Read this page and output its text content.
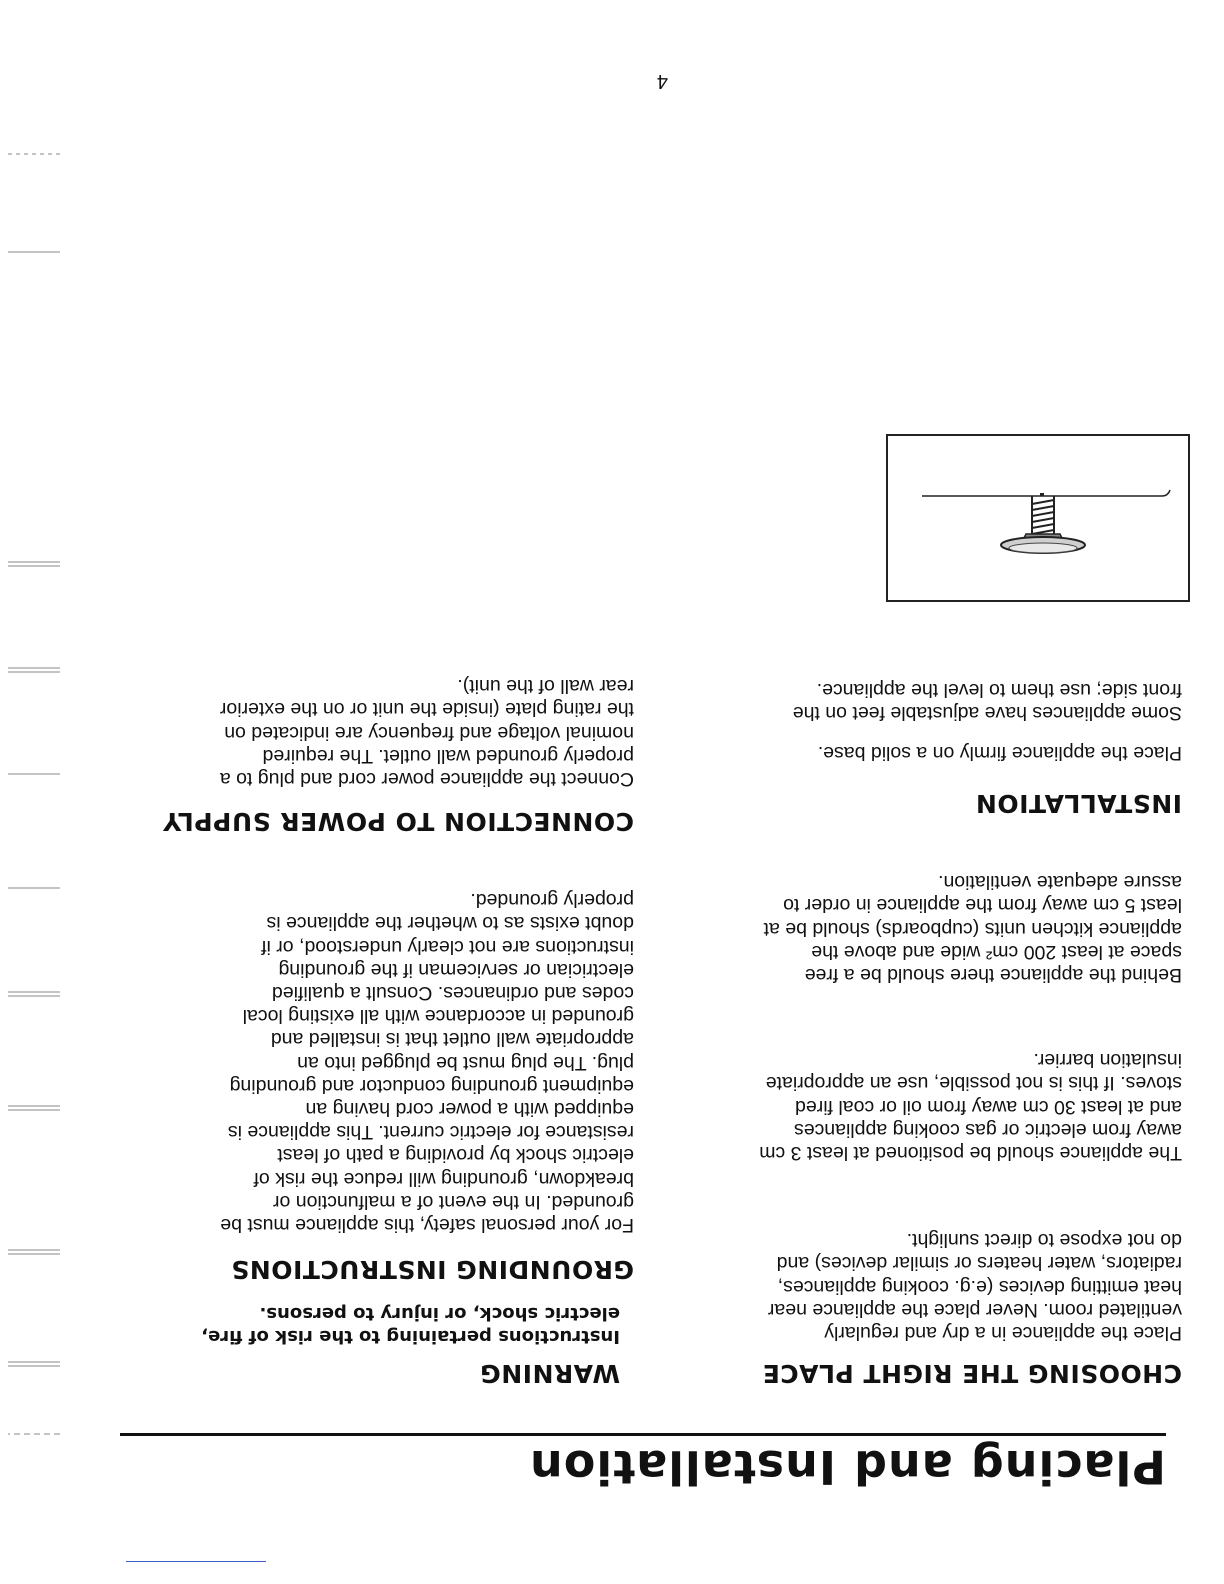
Placing and Installation
CHOOSING THE RIGHT PLACE

Place the appliance in a dry and regularly
ventilated room. Never place the appliance near
heat emitting devices (e.g. cooking appliances,
radiators, water heaters or similar devices) and
do not expose to direct sunlight.

The appliance should be positioned at least 3 cm
away from electric or gas cooking appliances
and at least 30 cm away from oil or coal fired
stoves. If this is not possible, use an appropriate
insulation barrier.

Behind the appliance there should be a free
space at least 200 cm² wide and above the
appliance kitchen units (cupboards) should be at
least 5 cm away from the appliance in order to
assure adequate ventilation.

INSTALLATION

Place the appliance firmly on a solid base.

Some appliances have adjustable feet on the
front side; use them to level the appliance.

WARNING

Instructions pertaining to the risk of fire,
electric shock, or injury to persons.

GROUNDING INSTRUCTIONS

For your personal safety, this appliance must be
grounded. In the event of a malfunction or
breakdown, grounding will reduce the risk of
electric shock by providing a path of least
resistance for electric current. This appliance is
equipped with a power cord having an
equipment grounding conductor and grounding
plug. The plug must be plugged into an
appropriate wall outlet that is installed and
grounded in accordance with all existing local
codes and ordinances. Consult a qualified
electrician or serviceman if the grounding
instructions are not clearly understood, or if
doubt exists as to whether the appliance is
properly grounded.

CONNECTION TO POWER SUPPLY

Connect the appliance power cord and plug to a
properly grounded wall outlet. The required
nominal voltage and frequency are indicated on
the rating plate (inside the unit or on the exterior
rear wall of the unit).

4
